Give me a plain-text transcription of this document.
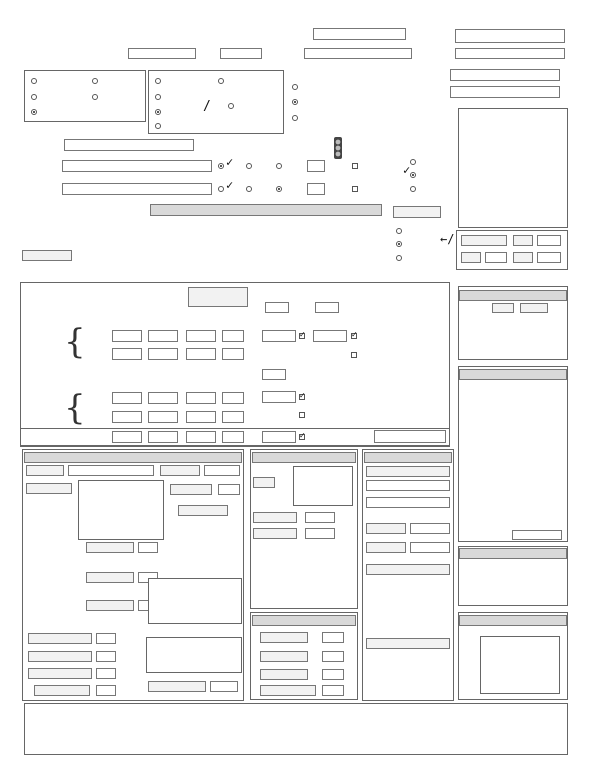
/
✓
✓
✓
←/
{
✓
✓
{
✓
✓
